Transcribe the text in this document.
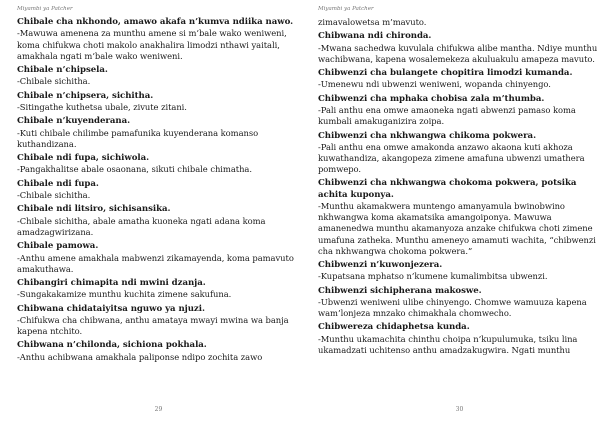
Miyambi ya Patcher
Chibale cha nkhondo, amawo akafa n’kumva ndiika nawo.
-Mawuwa amenena za munthu amene si m’bale wako weniweni, koma chifukwa choti makolo anakhalira limodzi nthawi yaitali, amakhala ngati m’bale wako weniweni.
Chibale n’chipsela.
-Chibale sichitha.
Chibale n’chipsera, sichitha.
-Sitingathe kuthetsa ubale, zivute zitani.
Chibale n’kuyenderana.
-Kuti chibale chilimbe pamafunika kuyenderana komanso kuthandizana.
Chibale ndi fupa, sichiwola.
-Pangakhalitse abale osaonana, sikuti chibale chimatha.
Chibale ndi fupa.
-Chibale sichitha.
Chibale ndi litsiro, sichisansika.
-Chibale sichitha, abale amatha kuoneka ngati adana koma amadzagwirizana.
Chibale pamowa.
-Anthu amene amakhala mabwenzi zikamayenda, koma pamavuto amakuthawa.
Chibangiri chimapita ndi mwini dzanja.
-Sungakakamize munthu kuchita zimene sakufuna.
Chibwana chidataiyitsa nguwo ya njuzi.
-Chifukwa cha chibwana, anthu amataya mwayi mwina wa banja kapena ntchito.
Chibwana n’chilonda, sichiona pokhala.
-Anthu achibwana amakhala paliponse ndipo zochita zawo
29
Miyambi ya Patcher
zimavalowetsa m’mavuto.
Chibwana ndi chironda.
-Mwana sachedwa kuvulala chifukwa alibe mantha. Ndiye munthu wachibwana, kapena wosalemekeza akuluakulu amapeza mavuto.
Chibwenzi cha bulangete chopitira limodzi kumanda.
-Umenewu ndi ubwenzi weniweni, wopanda chinyengo.
Chibwenzi cha mphaka chobisa zala m’thumba.
-Pali anthu ena omwe amaoneka ngati abwenzi pamaso koma kumbali amakuganizira zoipa.
Chibwenzi cha nkhwangwa chikoma pokwera.
-Pali anthu ena omwe amakonda anzawo akaona kuti akhoza kuwathandiza, akangopeza zimene amafuna ubwenzi umathera pomwepo.
Chibwenzi cha nkhwangwa chokoma pokwera, potsika achita kuponya.
-Munthu akamakwera muntengo amanyamula bwinobwino nkhwangwa koma akamatsika amangoiponya. Mawuwa amanenedwa munthu akamanyoza anzake chifukwa choti zimene umafuna zatheka. Munthu ameneyo amamuti wachita, “chibwenzi cha nkhwangwa chokoma pokwera.”
Chibwenzi n’kuwonjezera.
-Kupatsana mphatso n’kumene kumalimbitsa ubwenzi.
Chibwenzi sichipherana makoswe.
-Ubwenzi weniweni ulibe chinyengo. Chomwe wamuuza kapena wam’lonjeza mnzako chimakhala chomwecho.
Chibwereza chidaphetsa kunda.
-Munthu ukamachita chinthu choipa n’kupulumuka, tsiku lina ukamadzati uchitenso anthu amadzakugwira. Ngati munthu
30
